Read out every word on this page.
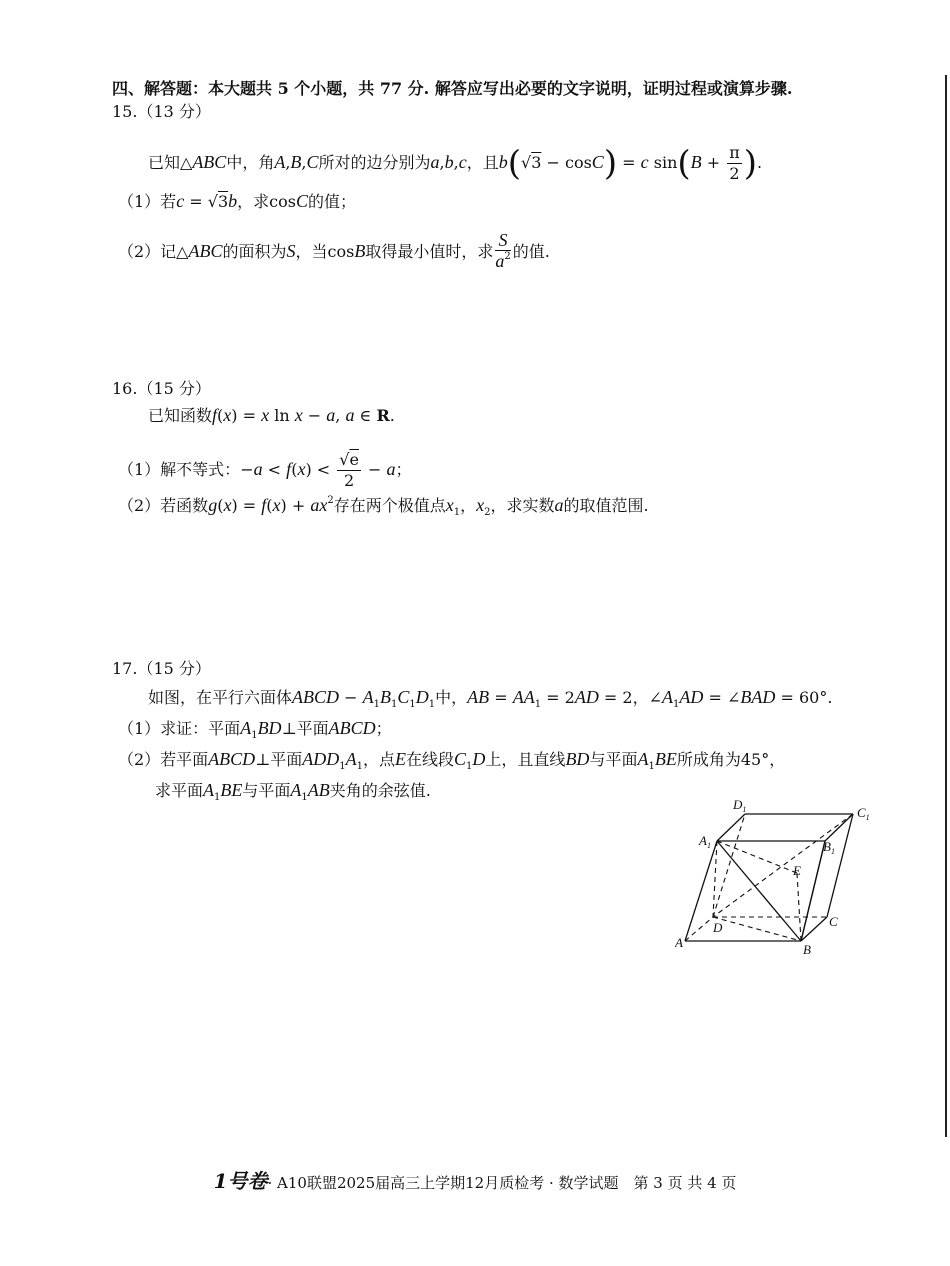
四、解答题：本大题共 5 个小题，共 77 分. 解答应写出必要的文字说明，证明过程或演算步骤.
15.（13 分）
已知△ABC中，角A,B,C所对的边分别为a,b,c，且b(√3 − cosC) = c $\sin(B + \frac{\pi}{2}$ ).
（1）若c = √3b，求cosC的值；
（2）记△ABC的面积为S，当cosB取得最小值时，求 $\frac{S}{a^2}$ 的值.
16.（15 分）
已知函数f(x) = x ln x − a, a ∈ R.
（1）解不等式：$-a < f(x) < \frac{√e}{2} - a$；
（2）若函数$g(x) = f(x) + ax^2$存在两个极值点$x_1$，$x_2$，求实数a的取值范围.
17.（15 分）
如图，在平行六面体ABCD − $A_1B_1C_1D_1$中，AB = $AA_1 = 2AD = 2$，$\angle A_1AD$ = ∠BAD = 60°.
（1）求证：平面$A_1BD\perp$平面ABCD；
（2）若平面ABCD⊥平面$ADD_1A_1$，点E在线段$C_1D$上，且直线BD与平面$A_1BE$所成角为45°，
求平面$A_1BE$与平面$A_1AB$夹角的余弦值.
$D_1$	$C_1$
$A_1$	$B_1$
E
D	C
A	B
1号卷· A10联盟2025届高三上学期12月质检考 · 数学试题　第 3 页 共 4 页
